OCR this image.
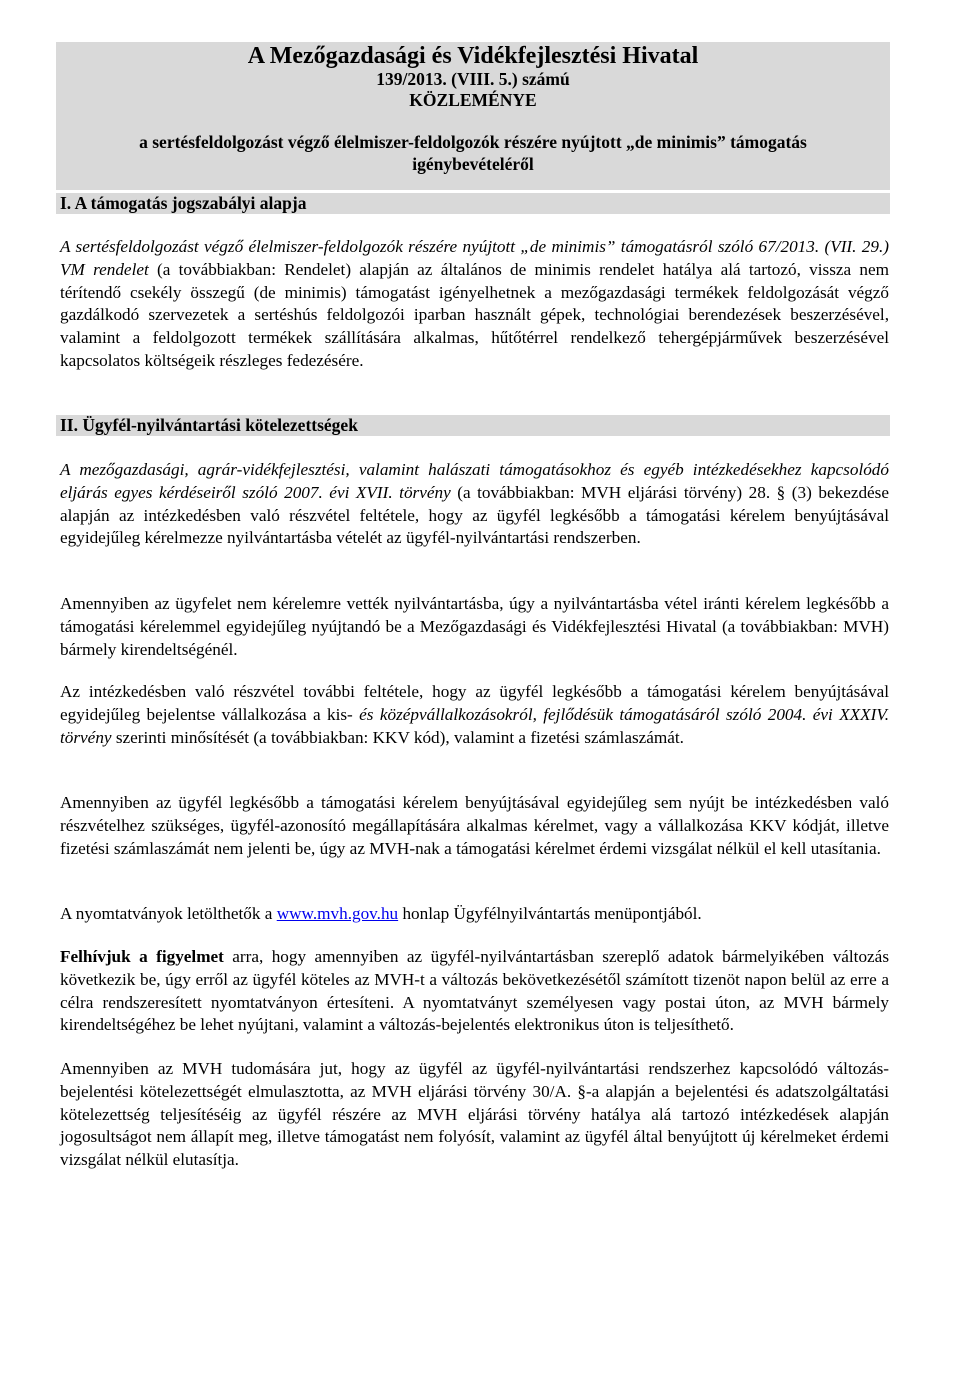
A Mezőgazdasági és Vidékfejlesztési Hivatal
139/2013. (VIII. 5.) számú
KÖZLEMÉNYE
a sertésfeldolgozást végző élelmiszer-feldolgozók részére nyújtott „de minimis” támogatás
igénybevételéről
I. A támogatás jogszabályi alapja
A sertésfeldolgozást végző élelmiszer-feldolgozók részére nyújtott „de minimis” támogatásról szóló 67/2013. (VII. 29.) VM rendelet (a továbbiakban: Rendelet) alapján az általános de minimis rendelet hatálya alá tartozó, vissza nem térítendő csekély összegű (de minimis) támogatást igényelhetnek a mezőgazdasági termékek feldolgozását végző gazdálkodó szervezetek a sertéshús feldolgozói iparban használt gépek, technológiai berendezések beszerzésével, valamint a feldolgozott termékek szállítására alkalmas, hűtőtérrel rendelkező tehergépjárművek beszerzésével kapcsolatos költségeik részleges fedezésére.
II. Ügyfél-nyilvántartási kötelezettségek
A mezőgazdasági, agrár-vidékfejlesztési, valamint halászati támogatásokhoz és egyéb intézkedésekhez kapcsolódó eljárás egyes kérdéseiről szóló 2007. évi XVII. törvény (a továbbiakban: MVH eljárási törvény) 28. § (3) bekezdése alapján az intézkedésben való részvétel feltétele, hogy az ügyfél legkésőbb a támogatási kérelem benyújtásával egyidejűleg kérelmezze nyilvántartásba vételét az ügyfél-nyilvántartási rendszerben.
Amennyiben az ügyfelet nem kérelemre vették nyilvántartásba, úgy a nyilvántartásba vétel iránti kérelem legkésőbb a támogatási kérelemmel egyidejűleg nyújtandó be a Mezőgazdasági és Vidékfejlesztési Hivatal (a továbbiakban: MVH) bármely kirendeltségénél.
Az intézkedésben való részvétel további feltétele, hogy az ügyfél legkésőbb a támogatási kérelem benyújtásával egyidejűleg bejelentse vállalkozása a kis- és középvállalkozásokról, fejlődésük támogatásáról szóló 2004. évi XXXIV. törvény szerinti minősítését (a továbbiakban: KKV kód), valamint a fizetési számlaszámát.
Amennyiben az ügyfél legkésőbb a támogatási kérelem benyújtásával egyidejűleg sem nyújt be intézkedésben való részvételhez szükséges, ügyfél-azonosító megállapítására alkalmas kérelmet, vagy a vállalkozása KKV kódját, illetve fizetési számlaszámát nem jelenti be, úgy az MVH-nak a támogatási kérelmet érdemi vizsgálat nélkül el kell utasítania.
A nyomtatványok letölthetők a www.mvh.gov.hu honlap Ügyfélnyilvántartás menüpontjából.
Felhívjuk a figyelmet arra, hogy amennyiben az ügyfél-nyilvántartásban szereplő adatok bármelyikében változás következik be, úgy erről az ügyfél köteles az MVH-t a változás bekövetkezésétől számított tizenöt napon belül az erre a célra rendszeresített nyomtatványon értesíteni. A nyomtatványt személyesen vagy postai úton, az MVH bármely kirendeltségéhez be lehet nyújtani, valamint a változás-bejelentés elektronikus úton is teljesíthető.
Amennyiben az MVH tudomására jut, hogy az ügyfél az ügyfél-nyilvántartási rendszerhez kapcsolódó változás-bejelentési kötelezettségét elmulasztotta, az MVH eljárási törvény 30/A. §-a alapján a bejelentési és adatszolgáltatási kötelezettség teljesítéséig az ügyfél részére az MVH eljárási törvény hatálya alá tartozó intézkedések alapján jogosultságot nem állapít meg, illetve támogatást nem folyósít, valamint az ügyfél által benyújtott új kérelmeket érdemi vizsgálat nélkül elutasítja.
